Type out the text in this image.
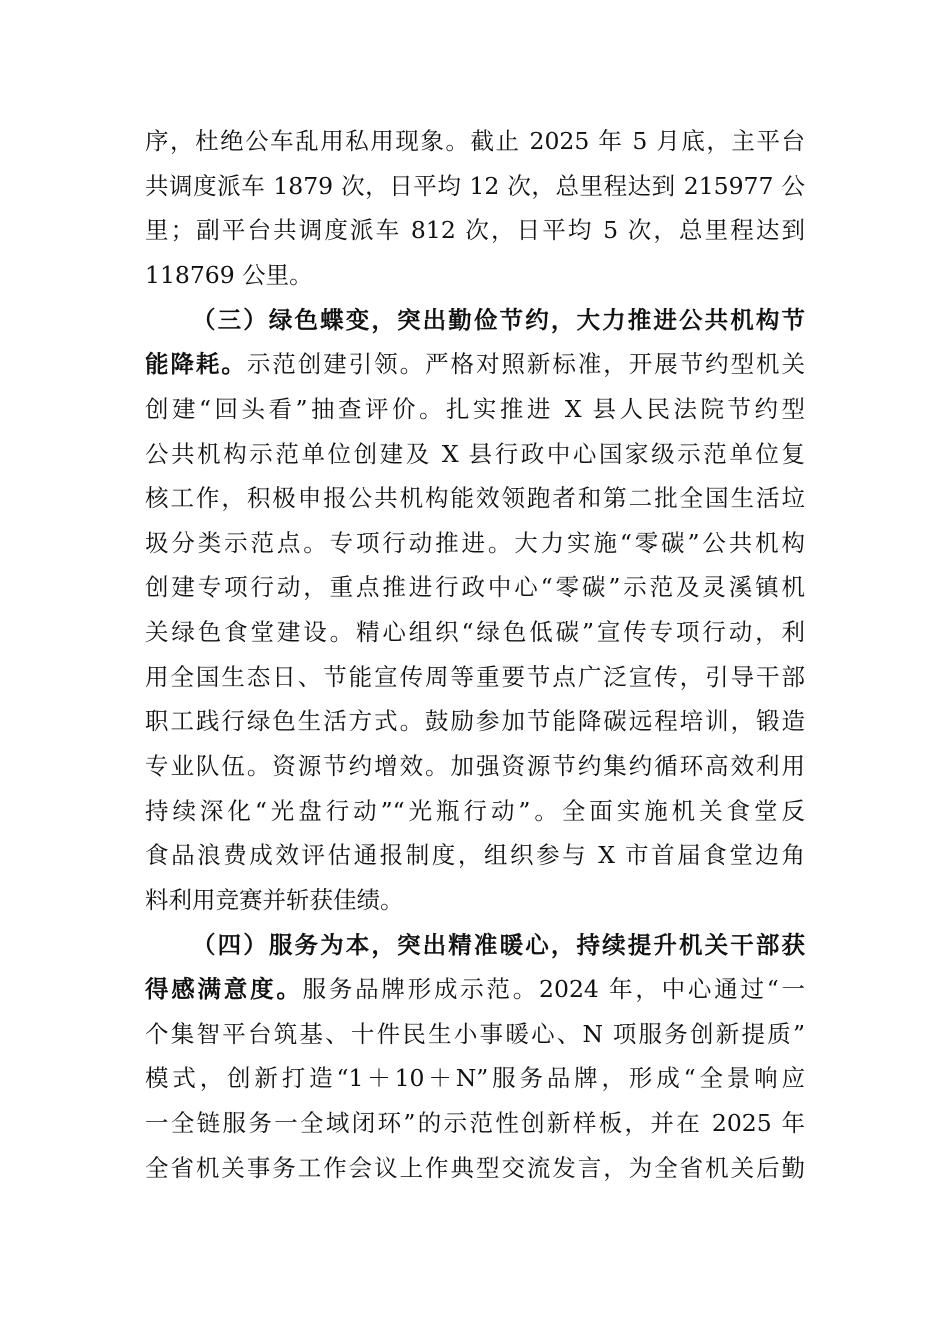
序，杜绝公车乱用私用现象。截止 2025 年 5 月底，主平台
共调度派车 1879 次，日平均 12 次，总里程达到 215977 公
里；副平台共调度派车 812 次，日平均 5 次，总里程达到
118769 公里。
（三）绿色蝶变，突出勤俭节约，大力推进公共机构节
能降耗。示范创建引领。严格对照新标准，开展节约型机关
创建“回头看”抽查评价。扎实推进 X 县人民法院节约型
公共机构示范单位创建及 X 县行政中心国家级示范单位复
核工作，积极申报公共机构能效领跑者和第二批全国生活垃
圾分类示范点。专项行动推进。大力实施“零碳”公共机构
创建专项行动，重点推进行政中心“零碳”示范及灵溪镇机
关绿色食堂建设。精心组织“绿色低碳”宣传专项行动，利
用全国生态日、节能宣传周等重要节点广泛宣传，引导干部
职工践行绿色生活方式。鼓励参加节能降碳远程培训，锻造
专业队伍。资源节约增效。加强资源节约集约循环高效利用
持续深化“光盘行动”“光瓶行动”。全面实施机关食堂反
食品浪费成效评估通报制度，组织参与 X 市首届食堂边角
料利用竞赛并斩获佳绩。
（四）服务为本，突出精准暖心，持续提升机关干部获
得感满意度。服务品牌形成示范。2024 年，中心通过“一
个集智平台筑基、十件民生小事暖心、N 项服务创新提质”
模式，创新打造“1＋10＋N”服务品牌，形成“全景响应
一全链服务一全域闭环”的示范性创新样板，并在 2025 年
全省机关事务工作会议上作典型交流发言，为全省机关后勤
